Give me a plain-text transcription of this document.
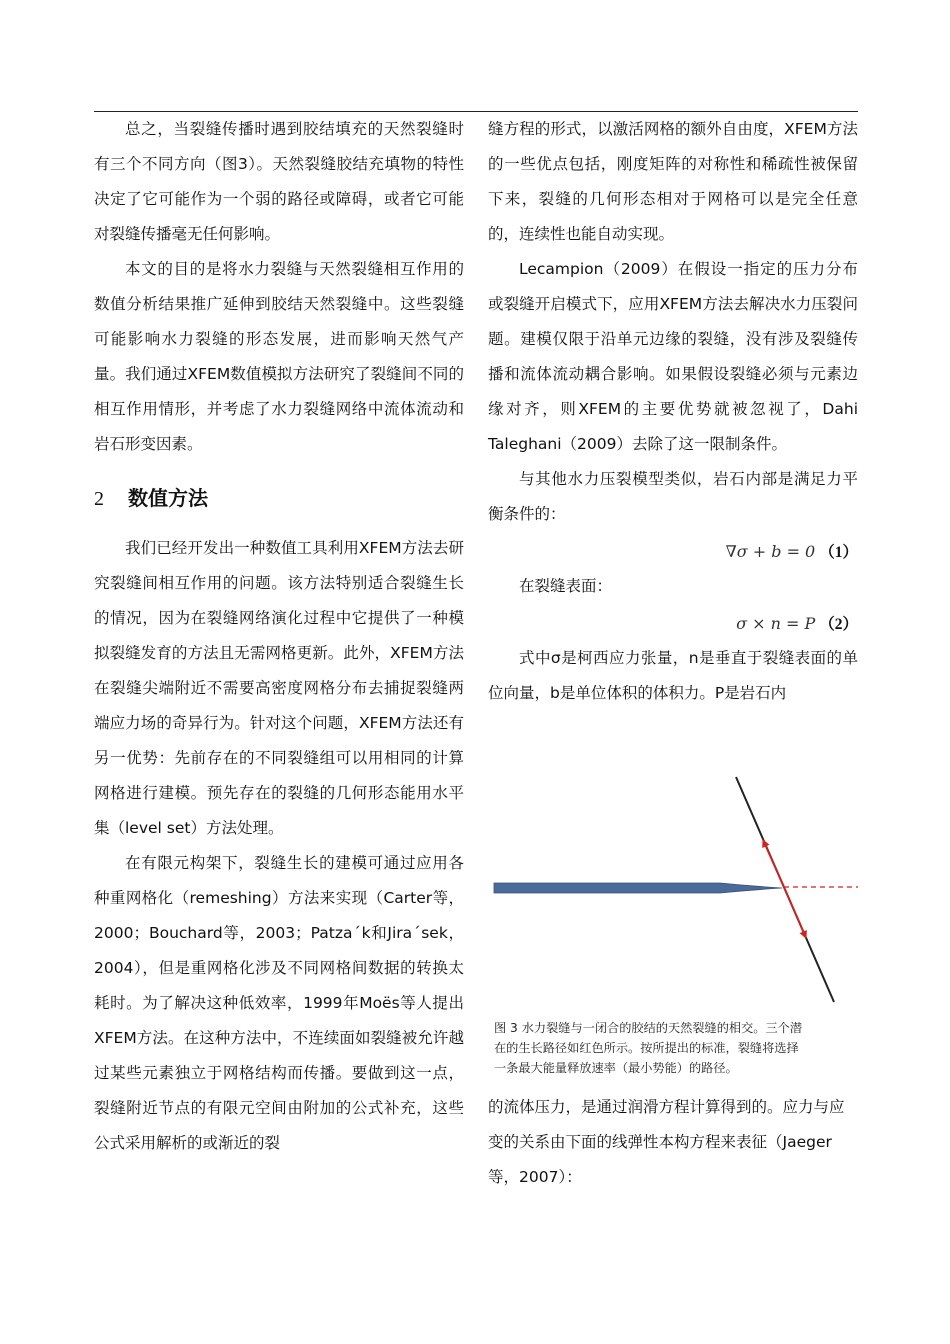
总之，当裂缝传播时遇到胶结填充的天然裂缝时有三个不同方向（图3）。天然裂缝胶结充填物的特性决定了它可能作为一个弱的路径或障碍，或者它可能对裂缝传播毫无任何影响。

本文的目的是将水力裂缝与天然裂缝相互作用的数值分析结果推广延伸到胶结天然裂缝中。这些裂缝可能影响水力裂缝的形态发展，进而影响天然气产量。我们通过XFEM数值模拟方法研究了裂缝间不同的相互作用情形，并考虑了水力裂缝网络中流体流动和岩石形变因素。

2 数值方法

我们已经开发出一种数值工具利用XFEM方法去研究裂缝间相互作用的问题。该方法特别适合裂缝生长的情况，因为在裂缝网络演化过程中它提供了一种模拟裂缝发育的方法且无需网格更新。此外，XFEM方法在裂缝尖端附近不需要高密度网格分布去捕捉裂缝两端应力场的奇异行为。针对这个问题，XFEM方法还有另一优势：先前存在的不同裂缝组可以用相同的计算网格进行建模。预先存在的裂缝的几何形态能用水平集（level set）方法处理。

在有限元构架下，裂缝生长的建模可通过应用各种重网格化（remeshing）方法来实现（Carter等，2000；Bouchard等，2003；Patzaˊk和Jiraˊsek，2004），但是重网格化涉及不同网格间数据的转换太耗时。为了解决这种低效率，1999年Moës等人提出XFEM方法。在这种方法中，不连续面如裂缝被允许越过某些元素独立于网格结构而传播。要做到这一点，裂缝附近节点的有限元空间由附加的公式补充，这些公式采用解析的或渐近的裂

缝方程的形式，以激活网格的额外自由度，XFEM方法的一些优点包括，刚度矩阵的对称性和稀疏性被保留下来，裂缝的几何形态相对于网格可以是完全任意的，连续性也能自动实现。

Lecampion（2009）在假设一指定的压力分布或裂缝开启模式下，应用XFEM方法去解决水力压裂问题。建模仅限于沿单元边缘的裂缝，没有涉及裂缝传播和流体流动耦合影响。如果假设裂缝必须与元素边缘对齐，则XFEM的主要优势就被忽视了，Dahi Taleghani（2009）去除了这一限制条件。

与其他水力压裂模型类似，岩石内部是满足力平衡条件的：

∇σ + b = 0 （1）

在裂缝表面：

σ × n = P （2）

式中σ是柯西应力张量，n是垂直于裂缝表面的单位向量，b是单位体积的体积力。P是岩石内

图 3 水力裂缝与一闭合的胶结的天然裂缝的相交。三个潜

在的生长路径如红色所示。按所提出的标准，裂缝将选择

一条最大能量释放速率（最小势能）的路径。

的流体压力，是通过润滑方程计算得到的。应力与应变的关系由下面的线弹性本构方程来表征（Jaeger等，2007）：
